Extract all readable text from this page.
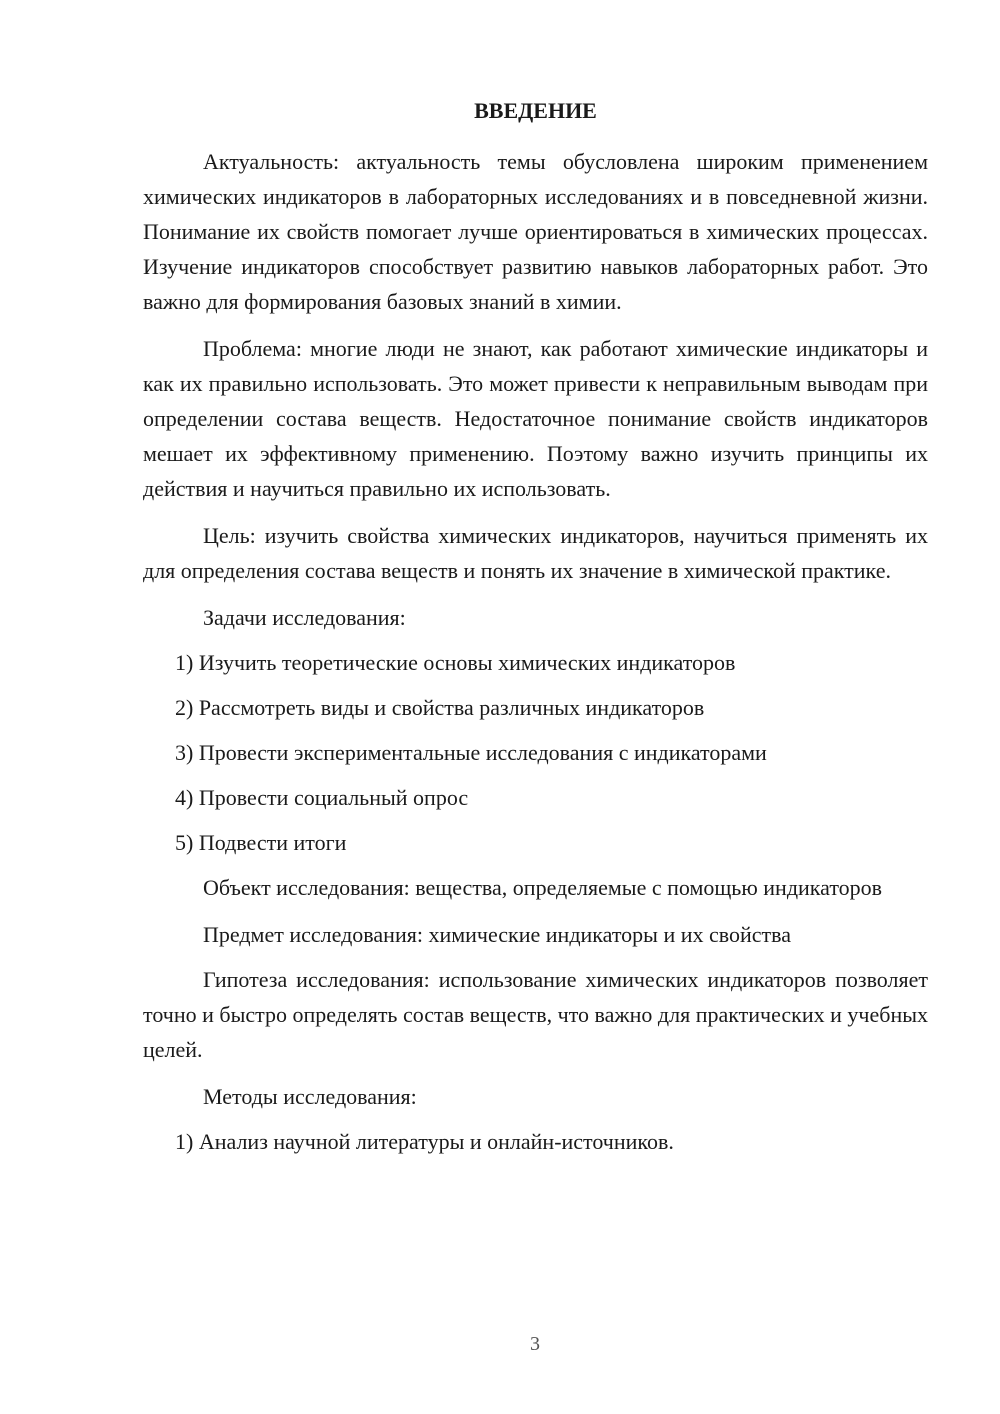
ВВЕДЕНИЕ

Актуальность: актуальность темы обусловлена широким применением химических индикаторов в лабораторных исследованиях и в повседневной жизни. Понимание их свойств помогает лучше ориентироваться в химических процессах. Изучение индикаторов способствует развитию навыков лабораторных работ. Это важно для формирования базовых знаний в химии.

Проблема: многие люди не знают, как работают химические индикаторы и как их правильно использовать. Это может привести к неправильным выводам при определении состава веществ. Недостаточное понимание свойств индикаторов мешает их эффективному применению. Поэтому важно изучить принципы их действия и научиться правильно их использовать.

Цель: изучить свойства химических индикаторов, научиться применять их для определения состава веществ и понять их значение в химической практике.

Задачи исследования:

1) Изучить теоретические основы химических индикаторов
2) Рассмотреть виды и свойства различных индикаторов
3) Провести экспериментальные исследования с индикаторами
4) Провести социальный опрос
5) Подвести итоги

Объект исследования: вещества, определяемые с помощью индикаторов

Предмет исследования: химические индикаторы и их свойства

Гипотеза исследования: использование химических индикаторов позволяет точно и быстро определять состав веществ, что важно для практических и учебных целей.

Методы исследования:

1) Анализ научной литературы и онлайн-источников.
3
